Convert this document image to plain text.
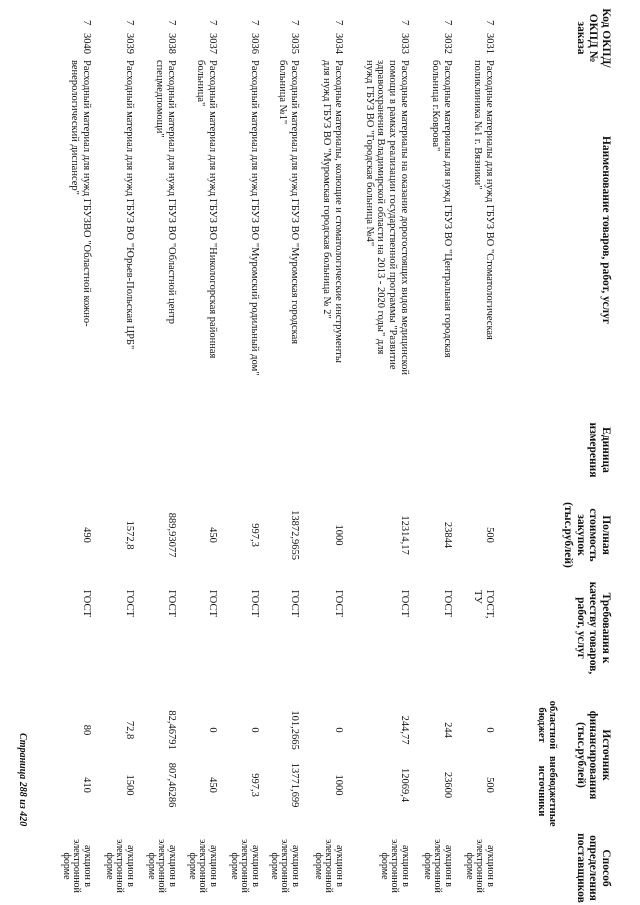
Код ОКПД/ ОКПД № заказа
Наименование товаров, работ, услуг
Единица измерения
Полная стоимость закупок (тыс.рублей)
Требования к качеству товаров, работ, услуг
Источник финансирования (тыс.рублей)
областной бюджет
внебюджетные источники
Способ определения поставщиков
7
3031
Расходные материалы для нужд ГБУЗ ВО "Стоматологическая поликлиника №1 г. Вязники"
500
ГОСТ, ТУ
0
500
аукцион в электронной форме
7
3032
Расходные материалы для нужд ГБУЗ ВО "Центральная городская больница г.Коврова"
23844
ГОСТ
244
23600
аукцион в электронной форме
7
3033
Расходные материалы на оказание дорогостоящих видов медицинской помощи в рамках реализации государственной программы "Развитие здравоохранения Владимирской области на 2013 - 2020 годы" для нужд ГБУЗ ВО "Городская больница №4"
12314,17
ГОСТ
244,77
12069,4
аукцион в электронной форме
7
3034
Расходные материалы, колющие и стоматологические инструменты для нужд ГБУЗ ВО "Муромская городская больница № 2"
1000
ГОСТ
0
1000
аукцион в электронной форме
7
3035
Расходный материал для нужд ГБУЗ ВО "Муромская городская больница №1"
13872,9655
ГОСТ
101,2665
13771,699
аукцион в электронной форме
7
3036
Расходный материал для нужд ГБУЗ ВО "Муромский родильный дом"
997,3
ГОСТ
0
997,3
аукцион в электронной форме
7
3037
Расходный материал для нужд ГБУЗ ВО "Никологорская районная больница"
450
ГОСТ
0
450
аукцион в электронной форме
7
3038
Расходный материал для нужд ГБУЗ ВО "Областной центр спецмедпомощи"
889,93077
ГОСТ
82,46791
807,46286
аукцион в электронной форме
7
3039
Расходный материал для нужд ГБУЗ ВО "Юрьев-Польская ЦРБ"
1572,8
ГОСТ
72,8
1500
аукцион в электронной форме
7
3040
Расходный материал для нужд ГБУЗВО "Областной кожно-венерологический диспансер"
490
ГОСТ
80
410
аукцион в электронной форме
Страница 288 из 420
